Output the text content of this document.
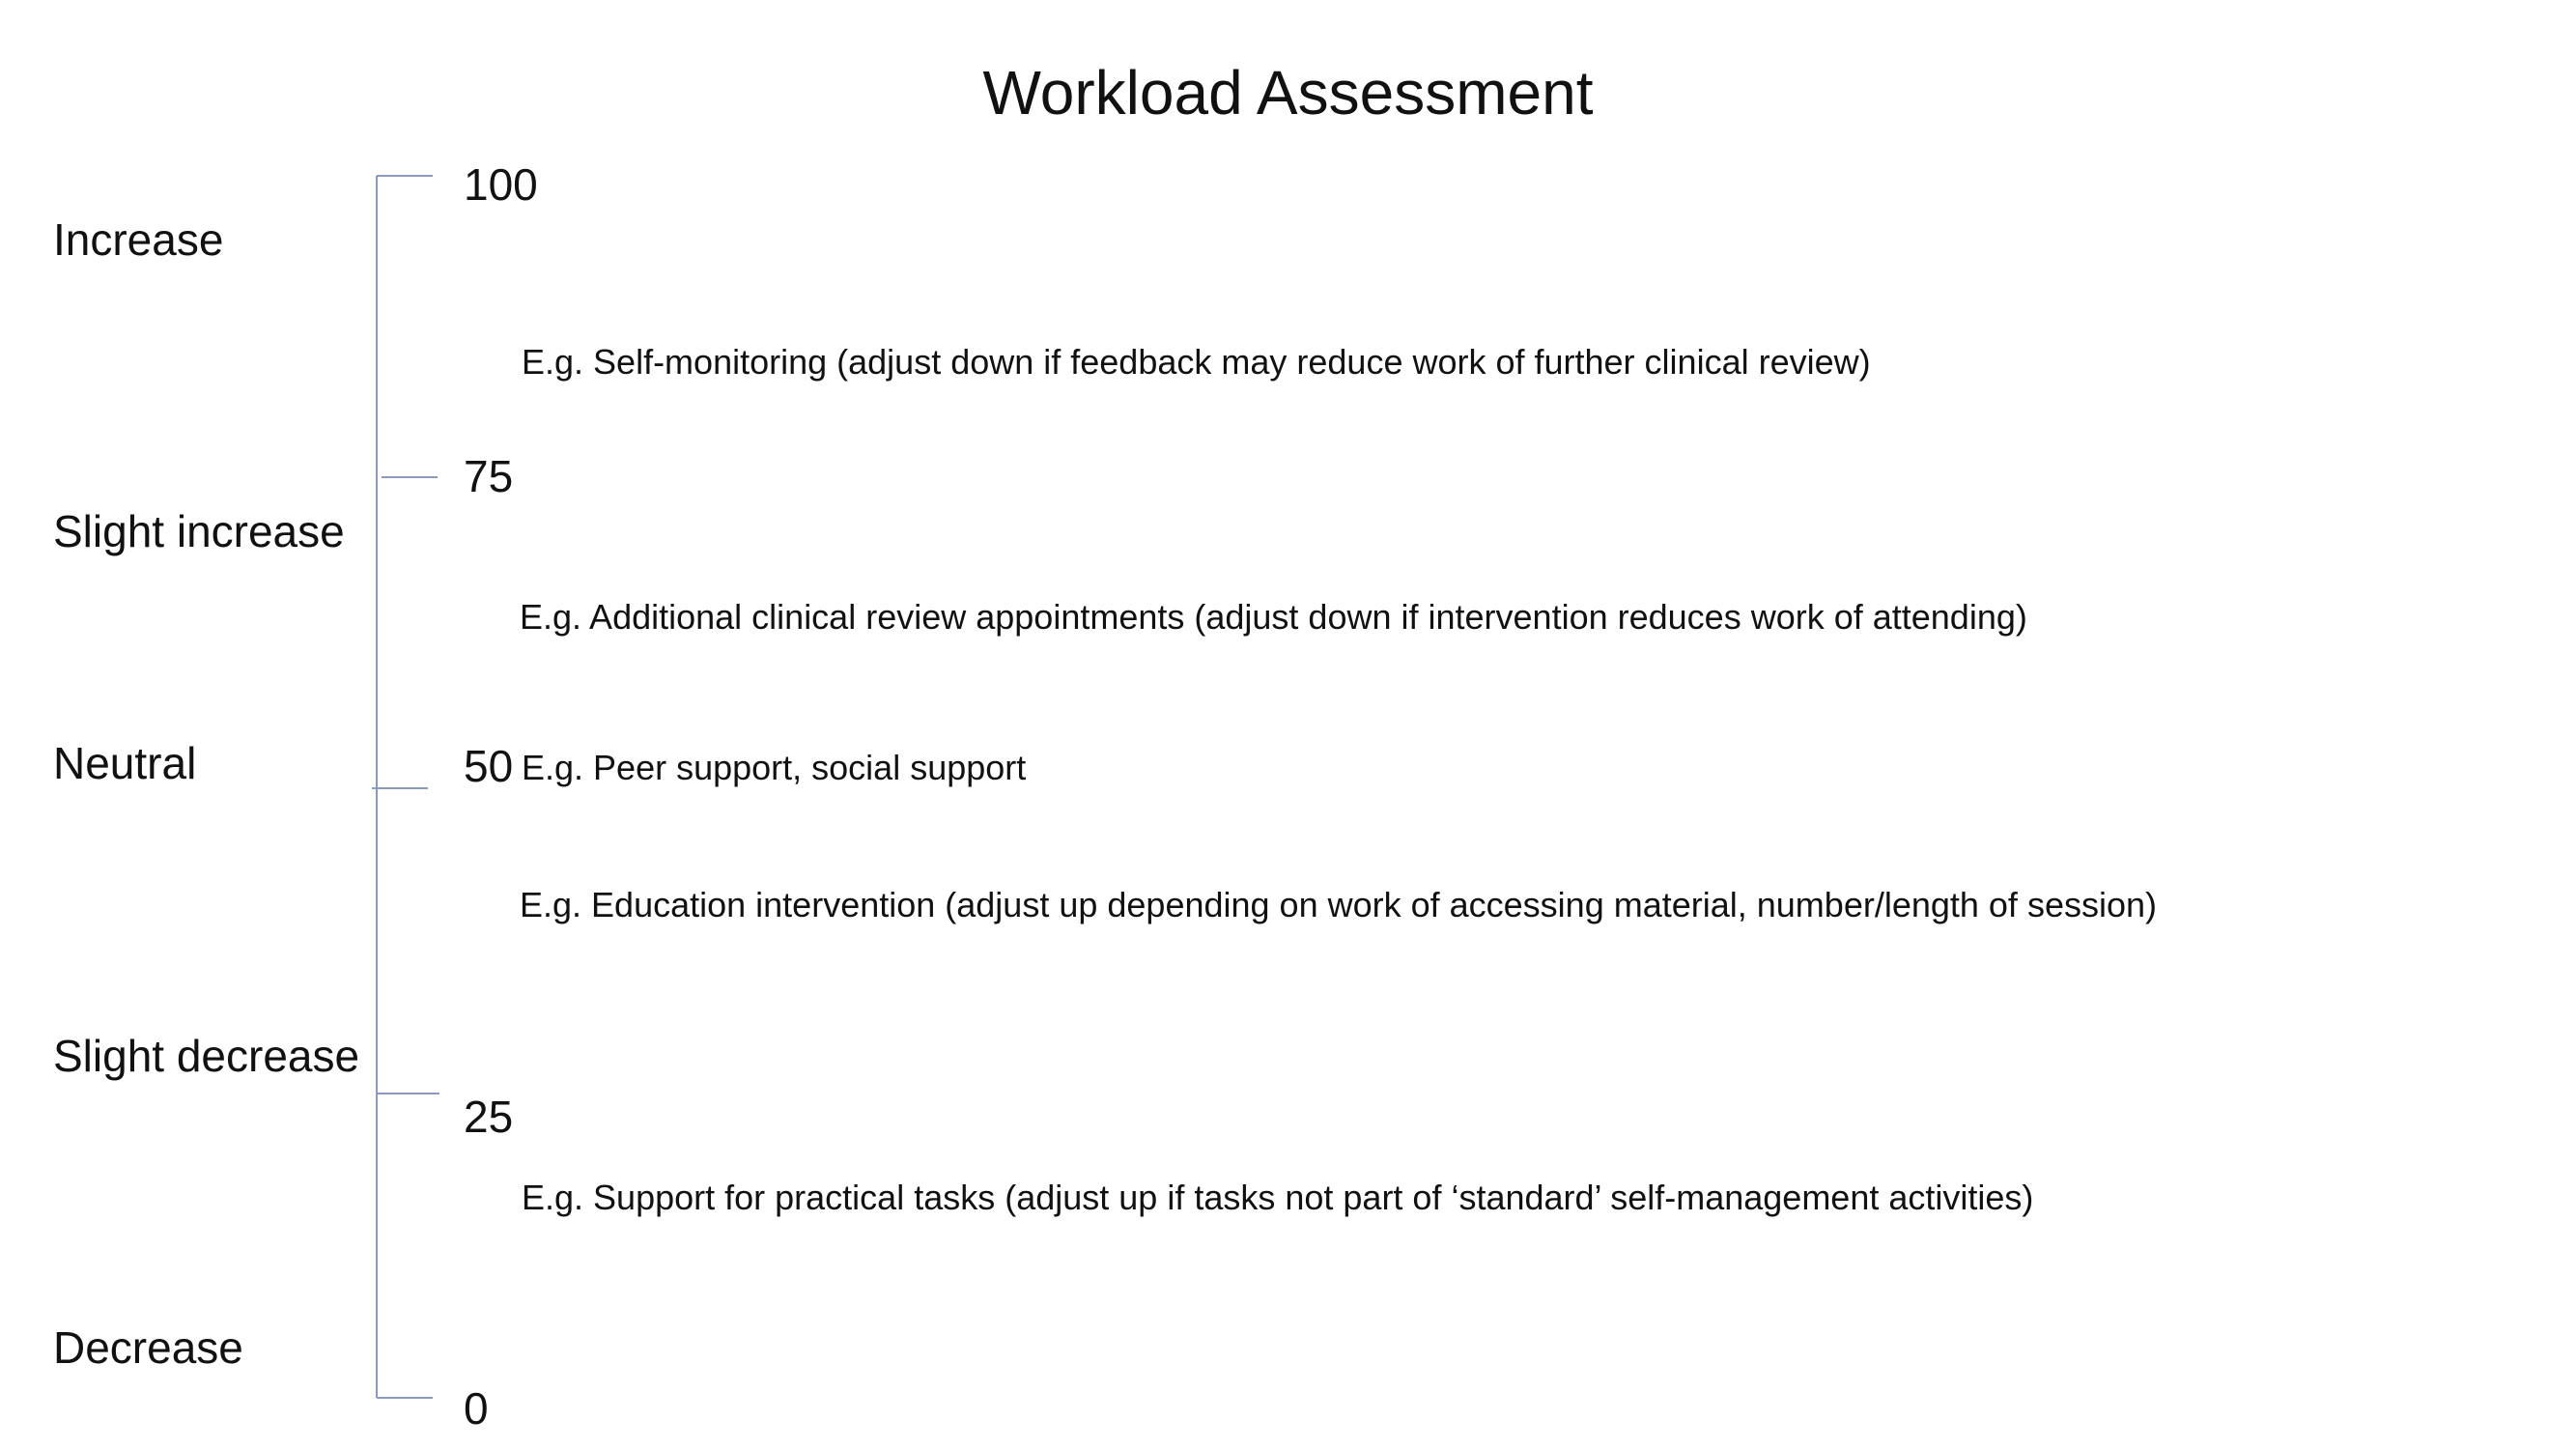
Workload Assessment
Increase
Slight increase
Neutral
Slight decrease
Decrease
100
75
50
25
0
E.g. Self-monitoring (adjust down if feedback may reduce work of further clinical review)
E.g. Additional clinical review appointments (adjust down if intervention reduces work of attending)
E.g. Peer support, social support
E.g. Education intervention (adjust up depending on work of accessing material, number/length of session)
E.g. Support for practical tasks (adjust up if tasks not part of ‘standard’ self-management activities)
